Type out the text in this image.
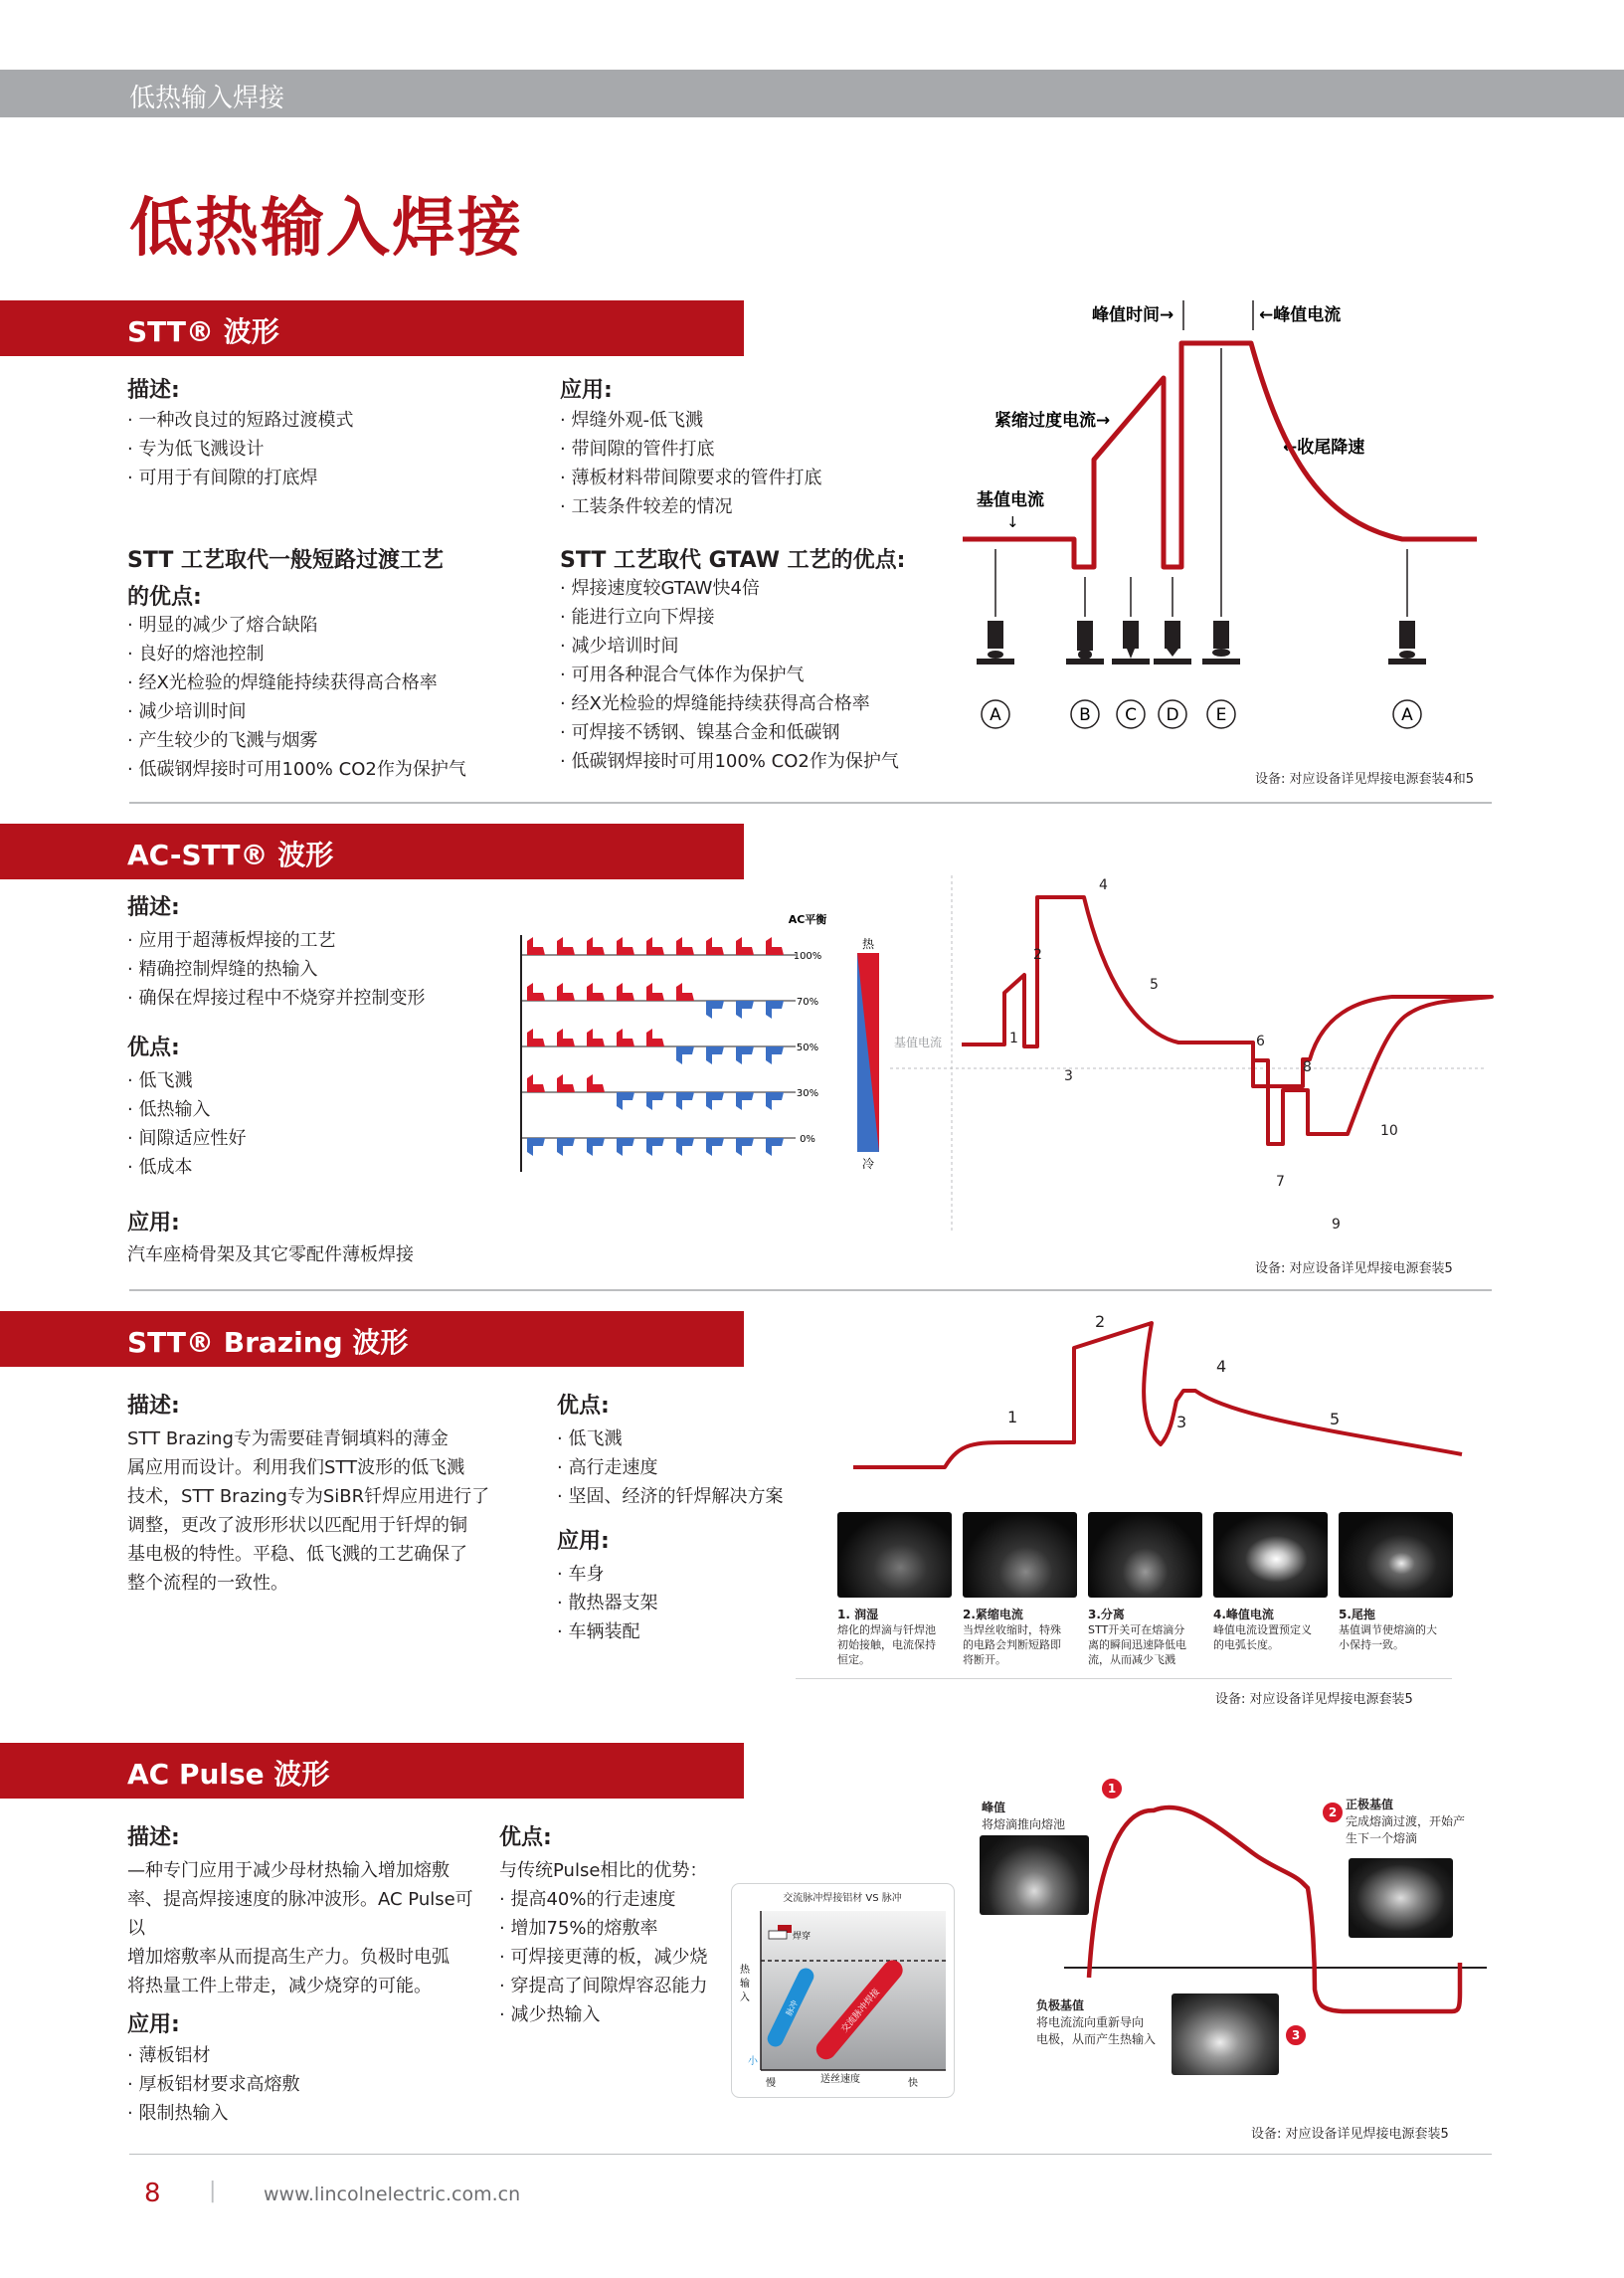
低热输入焊接
低热输入焊接
STT® 波形
描述:
· 一种改良过的短路过渡模式
· 专为低飞溅设计
· 可用于有间隙的打底焊
STT 工艺取代一般短路过渡工艺
的优点:
· 明显的减少了熔合缺陷
· 良好的熔池控制
· 经X光检验的焊缝能持续获得高合格率
· 减少培训时间
· 产生较少的飞溅与烟雾
· 低碳钢焊接时可用100% CO2作为保护气
应用:
· 焊缝外观-低飞溅
· 带间隙的管件打底
· 薄板材料带间隙要求的管件打底
· 工装条件较差的情况
STT 工艺取代 GTAW 工艺的优点:
· 焊接速度较GTAW快4倍
· 能进行立向下焊接
· 减少培训时间
· 可用各种混合气体作为保护气
· 经X光检验的焊缝能持续获得高合格率
· 可焊接不锈钢、镍基合金和低碳钢
· 低碳钢焊接时可用100% CO2作为保护气
峰值时间→	←峰值电流
紧缩过度电流→
←收尾降速
基值电流
↓
A	B C D E	A
设备: 对应设备详见焊接电源套装4和5
AC-STT® 波形
描述:
· 应用于超薄板焊接的工艺
· 精确控制焊缝的热输入
· 确保在焊接过程中不烧穿并控制变形
优点:
· 低飞溅
· 低热输入
· 间隙适应性好
· 低成本
应用:
汽车座椅骨架及其它零配件薄板焊接
AC平衡
100%
70%
50%
30%
0%
热
冷
基值电流	1
2
3
4
5
6
7
8
9
10
设备: 对应设备详见焊接电源套装5
STT® Brazing 波形
描述:
STT Brazing专为需要硅青铜填料的薄金
属应用而设计。利用我们STT波形的低飞溅
技术，STT Brazing专为SiBR钎焊应用进行了
调整，更改了波形形状以匹配用于钎焊的铜
基电极的特性。平稳、低飞溅的工艺确保了
整个流程的一致性。
优点:
· 低飞溅
· 高行走速度
· 坚固、经济的钎焊解决方案
应用:
· 车身
· 散热器支架
· 车辆装配
1
2
3
4
5
1. 润湿
熔化的焊滴与钎焊池
初始接触，电流保持
恒定。
2.紧缩电流
当焊丝收缩时，特殊
的电路会判断短路即
将断开。
3.分离
STT开关可在熔滴分
离的瞬间迅速降低电
流，从而减少飞溅
4.峰值电流
峰值电流设置预定义
的电弧长度。
5.尾拖
基值调节使熔滴的大
小保持一致。
设备: 对应设备详见焊接电源套装5
AC Pulse 波形
描述:
—种专门应用于减少母材热输入增加熔敷
率、提高焊接速度的脉冲波形。AC Pulse可以
增加熔敷率从而提高生产力。负极时电弧
将热量工件上带走，减少烧穿的可能。
应用:
· 薄板铝材
· 厚板铝材要求高熔敷
· 限制热输入
优点:
与传统Pulse相比的优势：
· 提高40%的行走速度
· 增加75%的熔敷率
· 可焊接更薄的板，减少烧
· 穿提高了间隙焊容忍能力
· 减少热输入
交流脉冲焊接铝材 VS 脉冲
焊穿
脉冲	交流脉冲焊接
热
输
入
小
慢	送丝速度	快
1
2
3
峰值
将熔滴推向熔池
正极基值
完成熔滴过渡，开始产
生下一个熔滴
负极基值
将电流流向重新导向
电极，从而产生热输入
设备: 对应设备详见焊接电源套装5
8 |	www.lincolnelectric.com.cn
